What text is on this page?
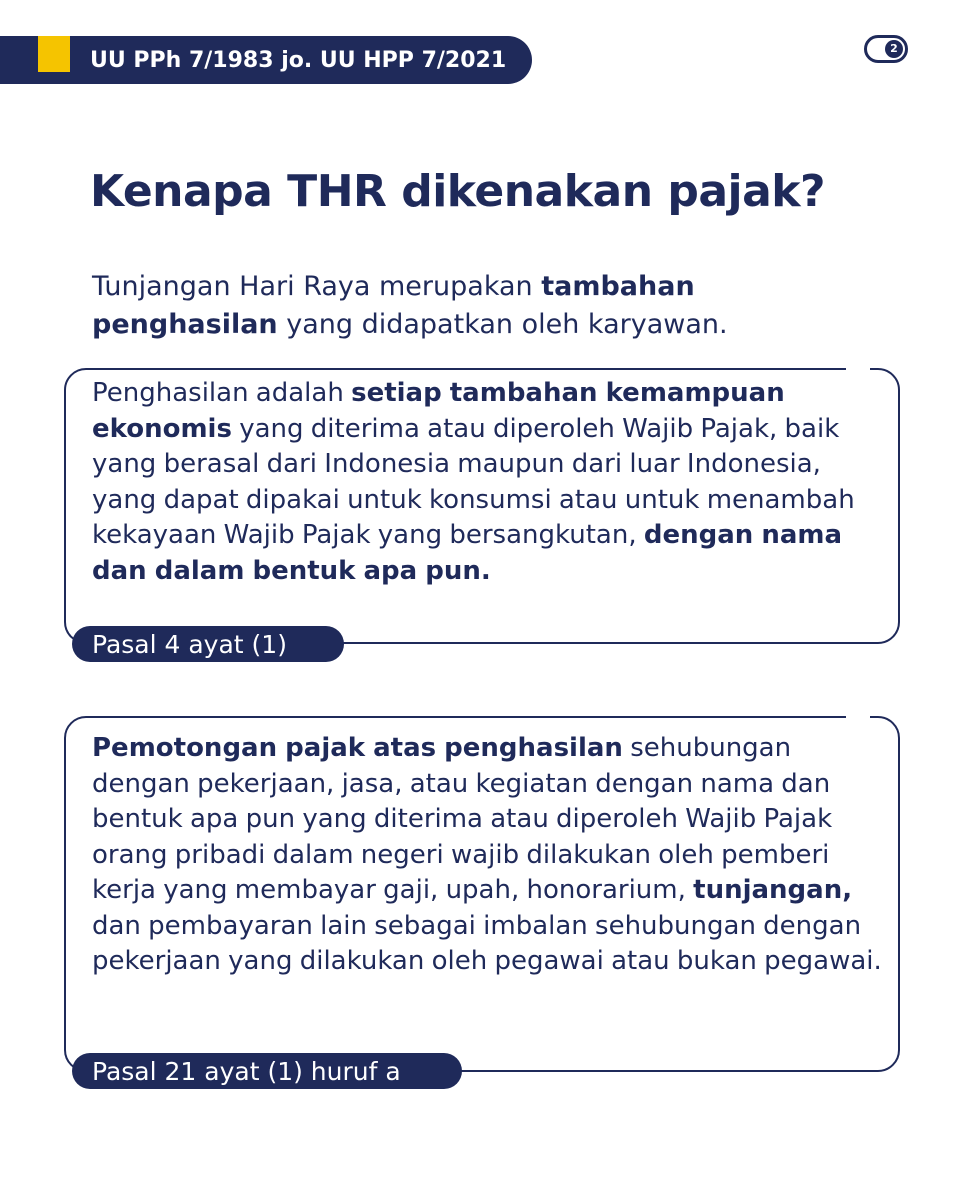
UU PPh 7/1983 jo. UU HPP 7/2021	2
Kenapa THR dikenakan pajak?

Tunjangan Hari Raya merupakan tambahan penghasilan yang didapatkan oleh karyawan.

Penghasilan adalah setiap tambahan kemampuan ekonomis yang diterima atau diperoleh Wajib Pajak, baik yang berasal dari Indonesia maupun dari luar Indonesia, yang dapat dipakai untuk konsumsi atau untuk menambah kekayaan Wajib Pajak yang bersangkutan, dengan nama dan dalam bentuk apa pun.

Pasal 4 ayat (1)

Pemotongan pajak atas penghasilan sehubungan dengan pekerjaan, jasa, atau kegiatan dengan nama dan bentuk apa pun yang diterima atau diperoleh Wajib Pajak orang pribadi dalam negeri wajib dilakukan oleh pemberi kerja yang membayar gaji, upah, honorarium, tunjangan, dan pembayaran lain sebagai imbalan sehubungan dengan pekerjaan yang dilakukan oleh pegawai atau bukan pegawai.

Pasal 21 ayat (1) huruf a
